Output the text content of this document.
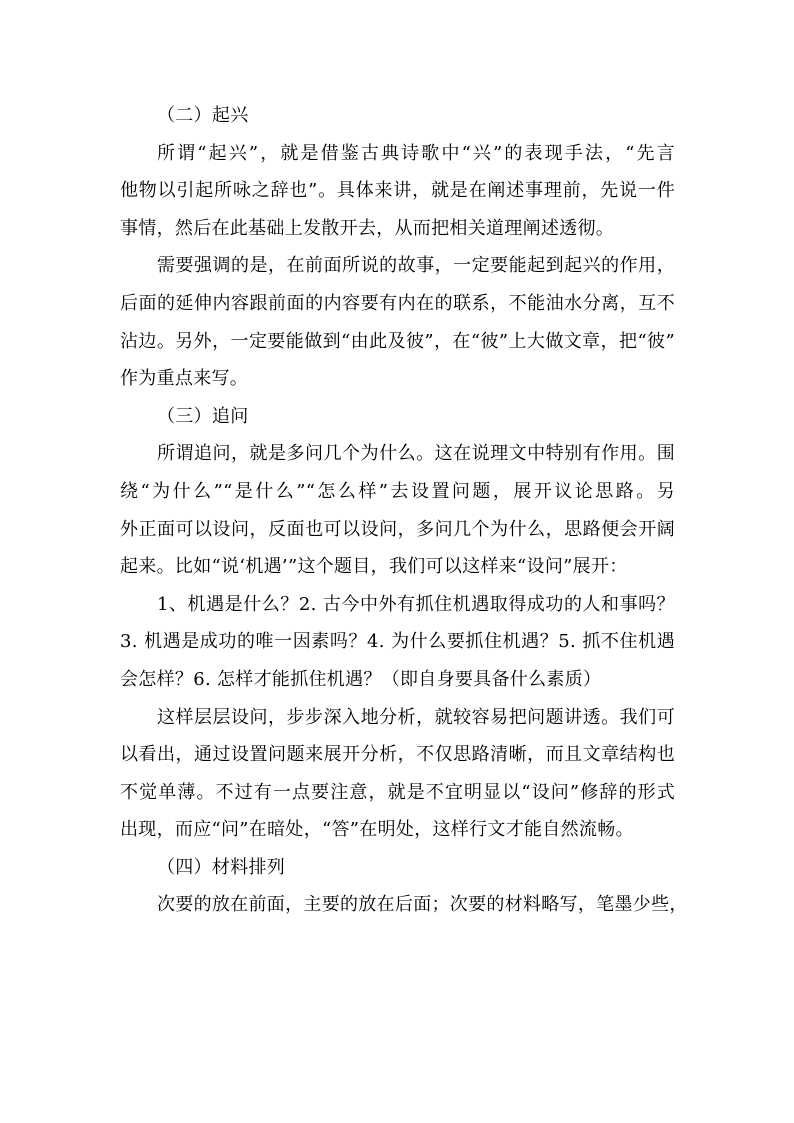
（二）起兴
所谓“起兴”，就是借鉴古典诗歌中“兴”的表现手法，“先言
他物以引起所咏之辞也”。具体来讲，就是在阐述事理前，先说一件
事情，然后在此基础上发散开去，从而把相关道理阐述透彻。
需要强调的是，在前面所说的故事，一定要能起到起兴的作用，
后面的延伸内容跟前面的内容要有内在的联系，不能油水分离，互不
沾边。另外，一定要能做到“由此及彼”，在“彼”上大做文章，把“彼”
作为重点来写。
（三）追问
所谓追问，就是多问几个为什么。这在说理文中特别有作用。围
绕“为什么”“是什么”“怎么样”去设置问题，展开议论思路。另
外正面可以设问，反面也可以设问，多问几个为什么，思路便会开阔
起来。比如“说‘机遇’”这个题目，我们可以这样来“设问”展开：
1、机遇是什么？2. 古今中外有抓住机遇取得成功的人和事吗？
3. 机遇是成功的唯一因素吗？4. 为什么要抓住机遇？5. 抓不住机遇
会怎样？6. 怎样才能抓住机遇？（即自身要具备什么素质）
这样层层设问，步步深入地分析，就较容易把问题讲透。我们可
以看出，通过设置问题来展开分析，不仅思路清晰，而且文章结构也
不觉单薄。不过有一点要注意，就是不宜明显以“设问”修辞的形式
出现，而应“问”在暗处，“答”在明处，这样行文才能自然流畅。
（四）材料排列
次要的放在前面，主要的放在后面；次要的材料略写，笔墨少些，
